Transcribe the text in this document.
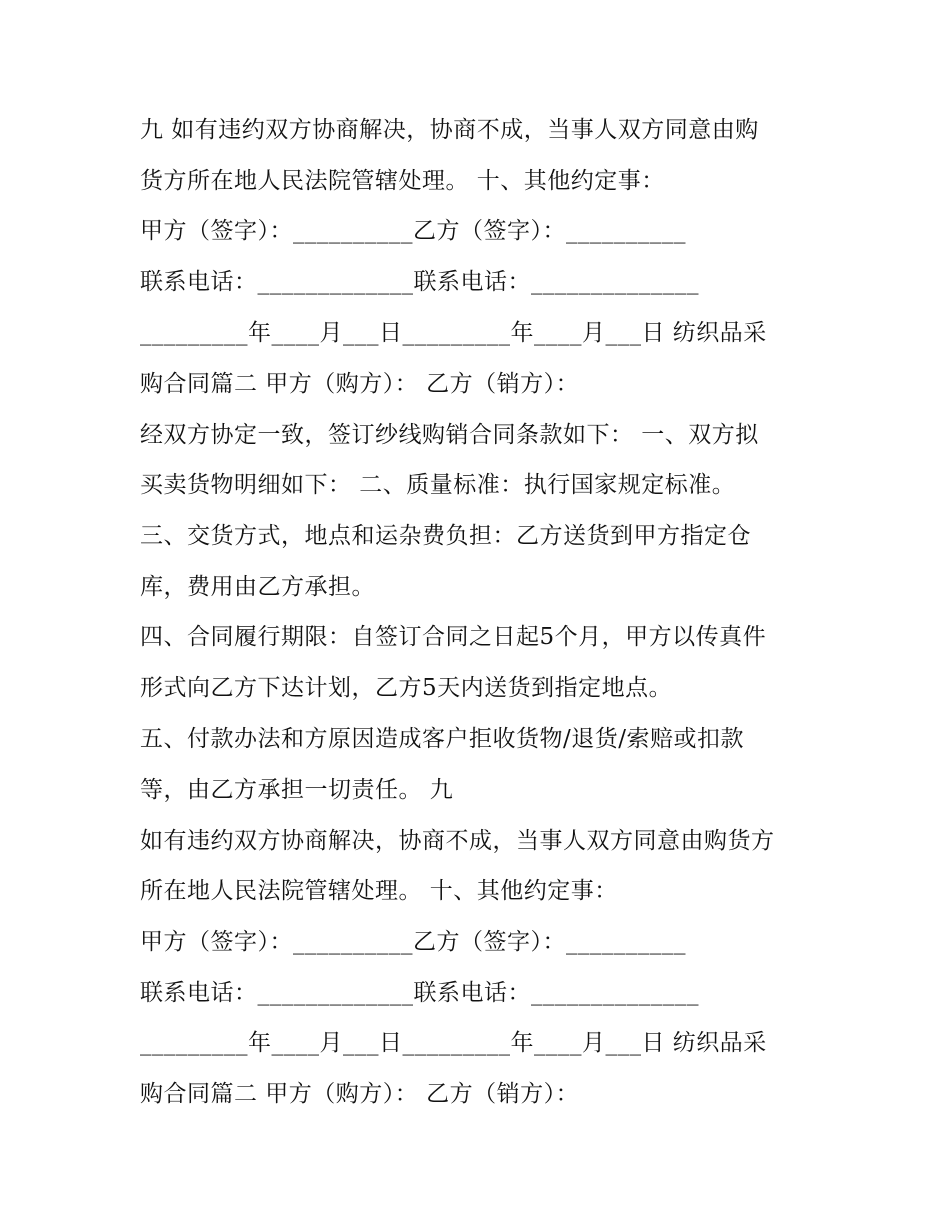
九 如有违约双方协商解决，协商不成，当事人双方同意由购
货方所在地人民法院管辖处理。 十、其他约定事：
甲方（签字）：__________乙方（签字）：__________
联系电话：_____________联系电话：______________
_________年____月___日_________年____月___日 纺织品采
购合同篇二 甲方（购方）： 乙方（销方）：
经双方协定一致，签订纱线购销合同条款如下： 一、双方拟
买卖货物明细如下： 二、质量标准：执行国家规定标准。
三、交货方式，地点和运杂费负担：乙方送货到甲方指定仓
库，费用由乙方承担。
四、合同履行期限：自签订合同之日起5个月，甲方以传真件
形式向乙方下达计划，乙方5天内送货到指定地点。
五、付款办法和方原因造成客户拒收货物/退货/索赔或扣款
等，由乙方承担一切责任。 九
如有违约双方协商解决，协商不成，当事人双方同意由购货方
所在地人民法院管辖处理。 十、其他约定事：
甲方（签字）：__________乙方（签字）：__________
联系电话：_____________联系电话：______________
_________年____月___日_________年____月___日 纺织品采
购合同篇二 甲方（购方）： 乙方（销方）：
